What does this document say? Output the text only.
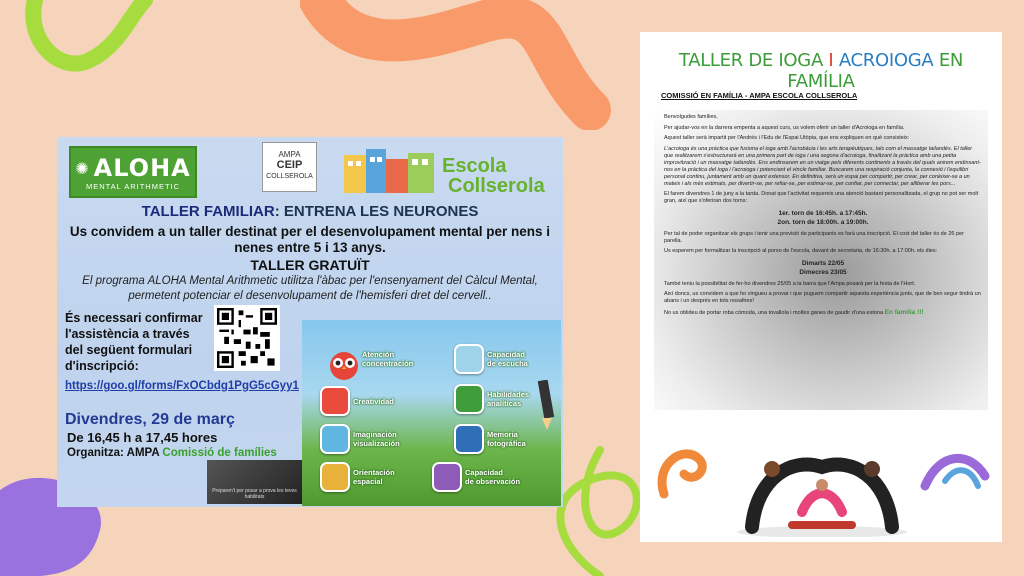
✺ ALOHA
MENTAL ARITHMETIC
AMPA
CEIP
COLLSEROLA	Escola
Collserola
TALLER FAMILIAR: ENTRENA LES NEURONES
Us convidem a un taller destinat per el desenvolupament mental per nens i nenes entre 5 i 13 anys.
TALLER GRATUÏT
El programa ALOHA Mental Arithmetic utilitza l'àbac per l'ensenyament del Càlcul Mental, permetent potenciar el desenvolupament de l'hemisferi dret del cervell..
És necessari confirmar l'assistència a través del següent formulari d'inscripció:
https://goo.gl/forms/FxOCbdg1PgG5cGyy1
Divendres, 29 de març
De 16,45 h a 17,45 hores
Organitza: AMPA Comissió de famílies
Preparen't per posar a prova les teves habilitats
Atención
concentración
Capacidad
de escucha
Creatividad
Habilidades
analíticas
Imaginación
visualización
Memoria
fotográfica
Orientación
espacial
Capacidad
de observación
TALLER DE IOGA I ACROIOGA EN FAMÍLIA
COMISSIÓ EN FAMÍLIA - AMPA ESCOLA COLLSEROLA

Benvolgudes famílies,

Per ajudar-vos en la darrera empenta a aquest curs, us volem oferir un taller d'Acroioga en família.

Aquest taller serà impartit per l'Andrés i l'Edu de l'Espai Utòpia, que ens expliquen en què consisteix:

L'acroioga és una pràctica que fusiona el ioga amb l'acrobàcia i les arts terapèutiques, tals com el massatge tailandès. El taller que realitzarem s'estructurarà en una primera part de ioga i una segona d'acroioga, finalitzant la pràctica amb una petita improvització i un massatge tailandès. Ens endinsarem en un viatge pels diferents continents a través del quals anirem endinsant-nos en la pràctica del ioga i l'acroioga i potenciant el vincle familiar. Buscarem una respiració conjunta, la connexió i l'equilibri personal continu, juntament amb un quant extensor. En definitiva, serà un espai per compartir, per crear, per conèixer-se a un mateix i als més estimats, per divertir-se, per refiar-se, per estimar-se, per confiar, per connectar, per alliberar les pors...

El farem divendres 1 de juny a la tarda. Donat que l'activitat requereix una atenció bastant personalitzada, el grup no pot ser molt gran, així que s'oferiran dos torns:

1er. torn de 16:45h. a 17:45h.
2on. torn de 18:00h. a 19:00h.

Per tal de poder organitzar els grups i tenir una previsió de participants es farà una inscripció. El cost del taller és de 26 per parella.

Us esperem per formalitzar la inscripció al porxo de l'escola, davant de secretaria, de 16:30h. a 17:00h. els dies:

Dimarts 22/05
Dimecres 23/05

També teniu la possibilitat de fer-ho divendres 25/05 a la barra que l'Ampa posarà per la festa de l'Hort.

Així doncs, us convidem a que ho vingueu a provar i que puguem compartir aquesta experiència junts, que de ben segur tindrà un abans i un després en tots nosaltres!

No us oblideu de portar roba còmoda, una tovallola i moltes ganes de gaudir d'una estona En família !!!
